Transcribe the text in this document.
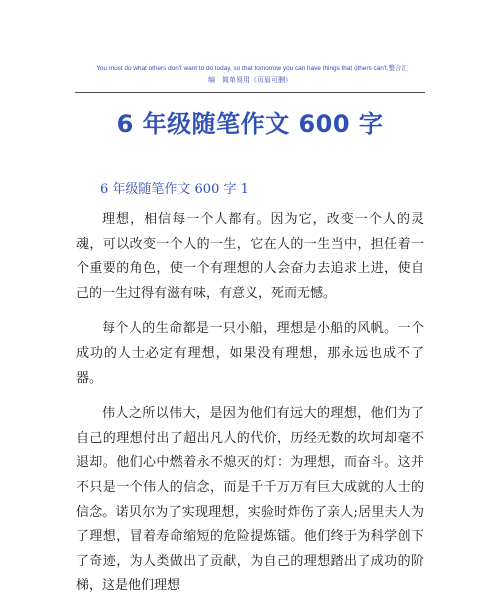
You must do what others don't want to do today, so that tomorrow you can have things that others can't.整合汇
编　简单易用（页眉可删）
6 年级随笔作文 600 字
6 年级随笔作文 600 字 1

理想，相信每一个人都有。因为它，改变一个人的灵魂，可以改变一个人的一生，它在人的一生当中，担任着一个重要的角色，使一个有理想的人会奋力去追求上进，使自己的一生过得有滋有味，有意义，死而无憾。

每个人的生命都是一只小船，理想是小船的风帆。一个成功的人士必定有理想，如果没有理想，那永远也成不了器。

伟人之所以伟大，是因为他们有远大的理想，他们为了自己的理想付出了超出凡人的代价，历经无数的坎坷却毫不退却。他们心中燃着永不熄灭的灯：为理想，而奋斗。这并不只是一个伟人的信念，而是千千万万有巨大成就的人士的信念。诺贝尔为了实现理想，实验时炸伤了亲人;居里夫人为了理想，冒着寿命缩短的危险提炼镭。他们终于为科学创下了奇迹，为人类做出了贡献，为自己的理想踏出了成功的阶梯，这是他们理想
